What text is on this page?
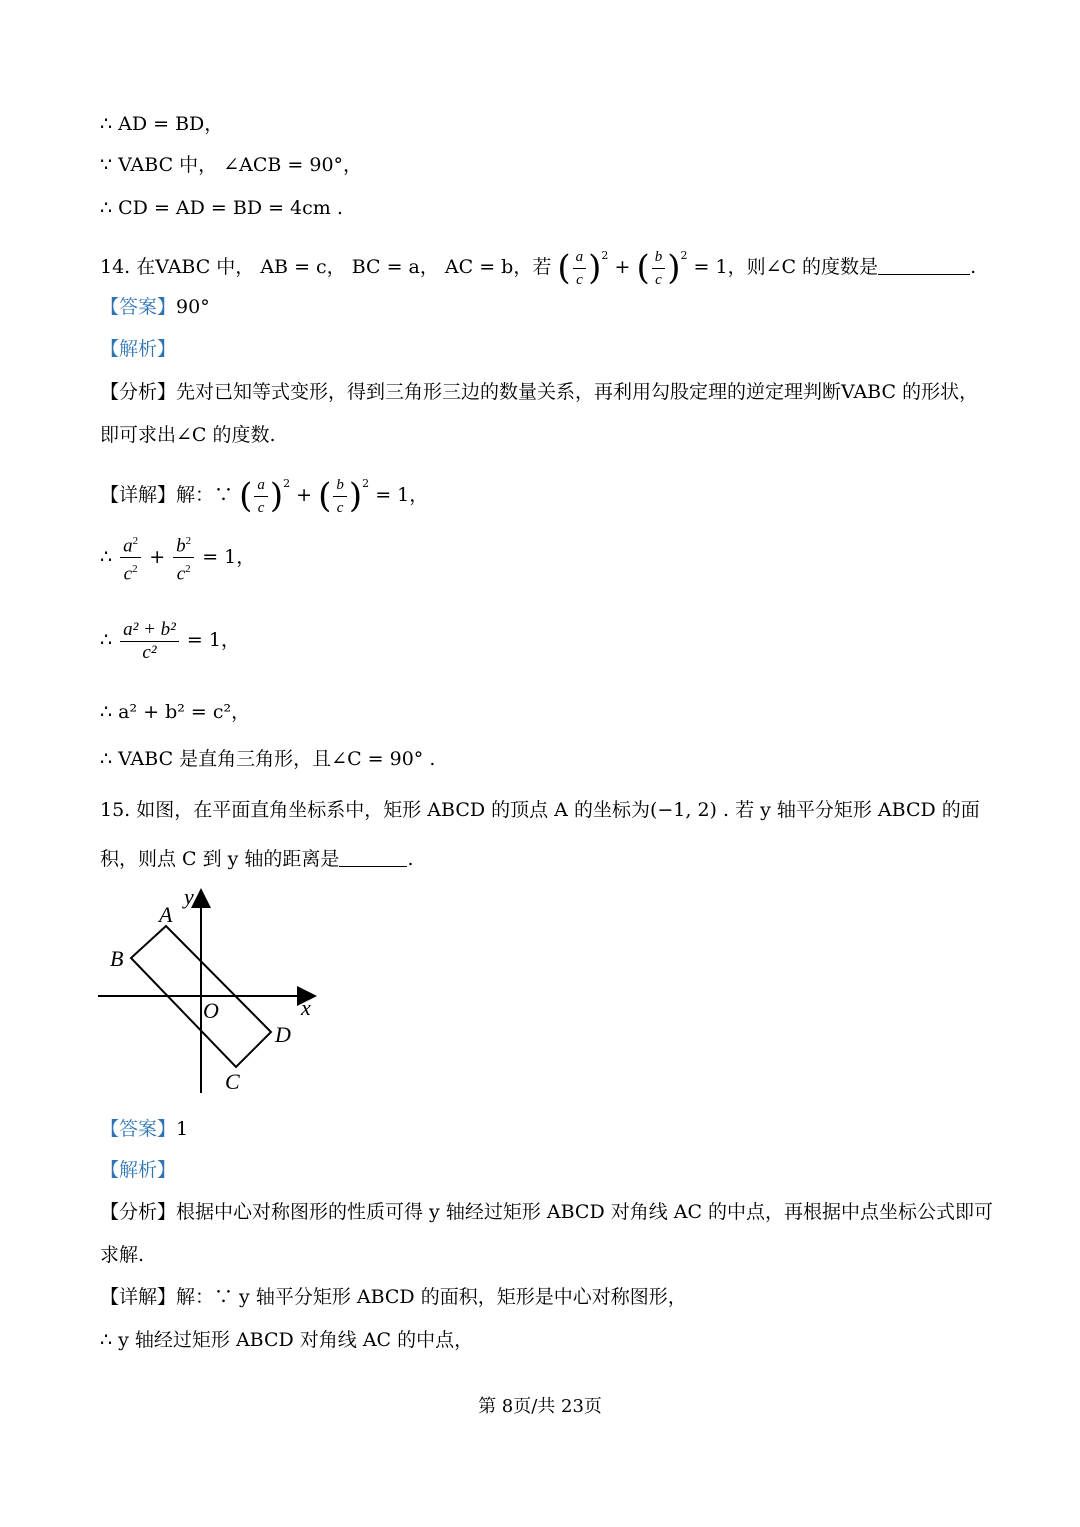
∴ AD = BD，
∵ VABC 中， ∠ACB = 90°，
∴ CD = AD = BD = 4cm .
14. 在VABC 中， AB = c， BC = a， AC = b，若 ( $\frac{a}{c} )^2$ + ( $\frac{b}{c} )^2 = 1$，则∠C 的度数是	.
【答案】90°
【解析】
【分析】先对已知等式变形，得到三角形三边的数量关系，再利用勾股定理的逆定理判断VABC 的形状，
即可求出∠C 的度数.
【详解】解：∵ ( $\frac{a}{c} )^2$ + ( $\frac{b}{c} )^2 = 1$，
∴ $\frac{a^2}{c^2} + \frac{b^2}{c^2} = 1$，
∴ $\frac{\text{a² + b²}}{\text{c²}} = 1$，
∴ a² + b² = c²，
∴ VABC 是直角三角形，且∠C = 90° .
15. 如图，在平面直角坐标系中，矩形 ABCD 的顶点 A 的坐标为(−1, 2) . 若 y 轴平分矩形 ABCD 的面
积，则点 C 到 y 轴的距离是	.
y
x
O
A
B
C
D
【答案】1
【解析】
【分析】根据中心对称图形的性质可得 y 轴经过矩形 ABCD 对角线 AC 的中点，再根据中点坐标公式即可
求解.
【详解】解：∵ y 轴平分矩形 ABCD 的面积，矩形是中心对称图形，
∴ y 轴经过矩形 ABCD 对角线 AC 的中点，
第 8页/共 23页
